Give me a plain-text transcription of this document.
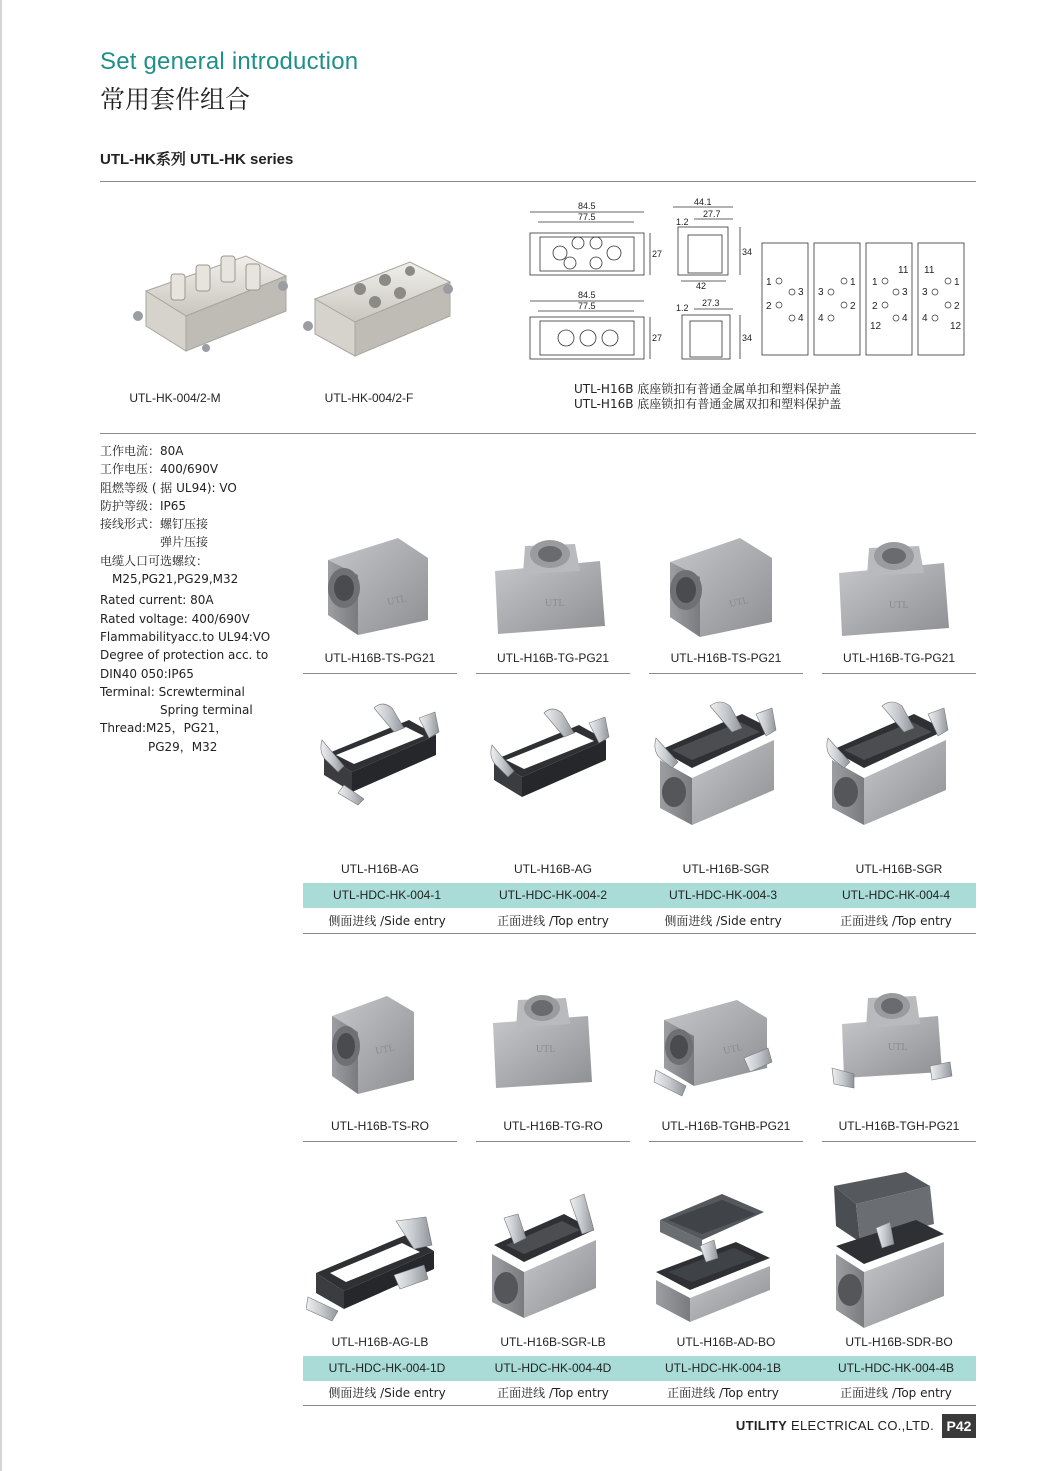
Set general introduction
常用套件组合
UTL-HK系列 UTL-HK series
UTL-HK-004/2-M	UTL-HK-004/2-F
84.5
77.5
27
44.1
27.7
1.2
34
42
84.5
77.5
27
27.3
1.2
34
1
2
3
4
1
2
3
4
1
2
3
4
11
12
1
2
3
4
11
12
UTL-H16B 底座锁扣有普通金属单扣和塑料保护盖
UTL-H16B 底座锁扣有普通金属双扣和塑料保护盖
工作电流：80A
工作电压：400/690V
阻燃等级 ( 据 UL94): VO
防护等级：IP65
接线形式：螺钉压接
　　　　　弹片压接
电缆人口可选螺纹：
　M25,PG21,PG29,M32
Rated current: 80A
Rated voltage: 400/690V
Flammabilityacc.to UL94:VO
Degree of protection acc. to
DIN40 050:IP65
Terminal: Screwterminal
　　　　　Spring terminal
Thread:M25，PG21，
　　　　PG29，M32
UTL	UTL	UTL	UTL
UTL-H16B-TS-PG21	UTL-H16B-TG-PG21	UTL-H16B-TS-PG21	UTL-H16B-TG-PG21
UTL-H16B-AG	UTL-H16B-AG	UTL-H16B-SGR	UTL-H16B-SGR
UTL-HDC-HK-004-1	UTL-HDC-HK-004-2	UTL-HDC-HK-004-3	UTL-HDC-HK-004-4
侧面进线 /Side entry	正面进线 /Top entry	侧面进线 /Side entry	正面进线 /Top entry
UTL	UTL	UTL	UTL
UTL-H16B-TS-RO	UTL-H16B-TG-RO	UTL-H16B-TGHB-PG21	UTL-H16B-TGH-PG21
UTL-H16B-AG-LB	UTL-H16B-SGR-LB	UTL-H16B-AD-BO	UTL-H16B-SDR-BO
UTL-HDC-HK-004-1D	UTL-HDC-HK-004-4D	UTL-HDC-HK-004-1B	UTL-HDC-HK-004-4B
侧面进线 /Side entry	正面进线 /Top entry	正面进线 /Top entry	正面进线 /Top entry
UTILITY ELECTRICAL CO.,LTD. P42
